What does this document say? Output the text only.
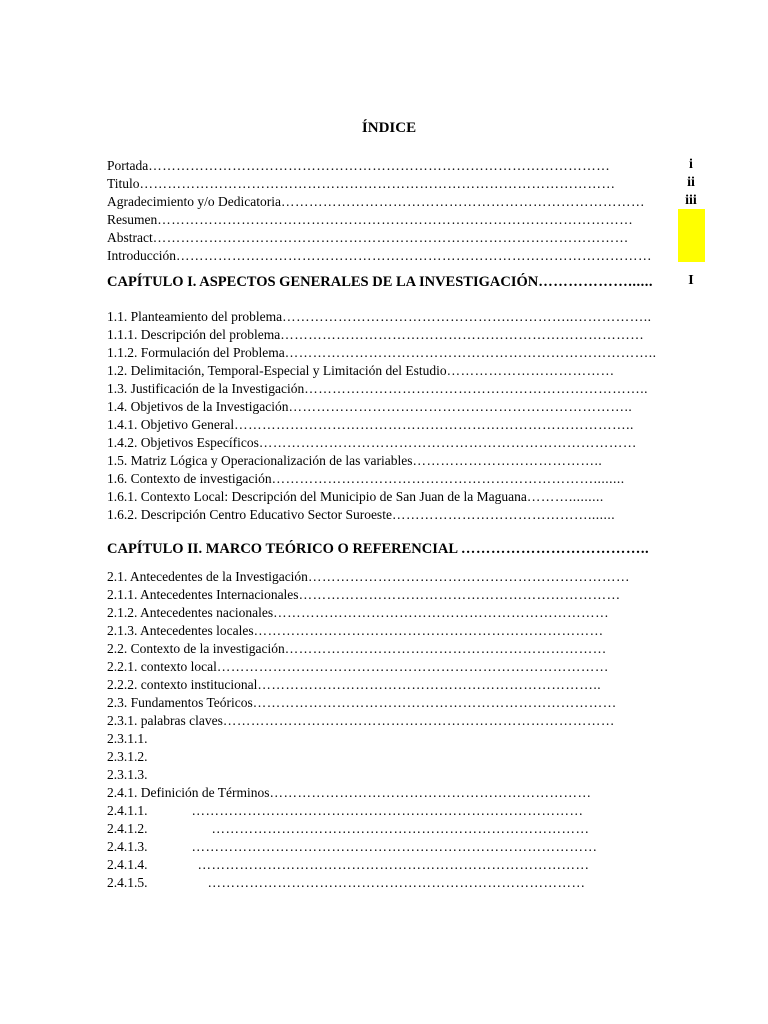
ÍNDICE
Portada………………………………………………………………………………………	i
Titulo…………………………………………………………………………………………	ii
Agradecimiento y/o Dedicatoria……………………………………………………………………	iii
Resumen…………………………………………………………………………………………
Abstract…………………………………………………………………………………………
Introducción…………………………………………………………………………………………
CAPÍTULO I. ASPECTOS GENERALES DE LA INVESTIGACIÓN………………......	I
1.1. Planteamiento del problema………………………………………….…………..……………..
1.1.1. Descripción del problema……………………………………………………………………
1.1.2. Formulación del Problema……………………………………………………………………..
1.2. Delimitación, Temporal-Especial y Limitación del Estudio………………………………
1.3. Justificación de la Investigación………………………………………………………………..
1.4. Objetivos de la Investigación………………………………………………………………..
1.4.1. Objetivo General…………………………………………………………………………..
1.4.2. Objetivos Específicos………………………………………………………………………
1.5. Matriz Lógica y Operacionalización de las variables…………………………………..
1.6. Contexto de investigación……………………………………………………………........
1.6.1. Contexto Local: Descripción del Municipio de San Juan de la Maguana……….........
1.6.2. Descripción Centro Educativo Sector Suroeste…………………………………….......
CAPÍTULO II. MARCO TEÓRICO O REFERENCIAL ………………………………..
2.1. Antecedentes de la Investigación……………………………………………………………
2.1.1. Antecedentes Internacionales……………………………………………………………
2.1.2. Antecedentes nacionales………………………………………………………………
2.1.3. Antecedentes locales…………………………………………………………………
2.2. Contexto de la investigación……………………………………………………………
2.2.1. contexto local…………………………………………………………………………
2.2.2. contexto institucional………………………………………………………………..
2.3. Fundamentos Teóricos……………………………………………………………………
2.3.1. palabras claves…………………………………………………………………………
2.3.1.1.
2.3.1.2.
2.3.1.3.
2.4.1. Definición de Términos……………………………………………………………
2.4.1.1.	…………………………………………………………………………
2.4.1.2.	………………………………………………………………………
2.4.1.3.	……………………………………………………………………………
2.4.1.4.	…………………………………………………………………………
2.4.1.5.	………………………………………………………………………
